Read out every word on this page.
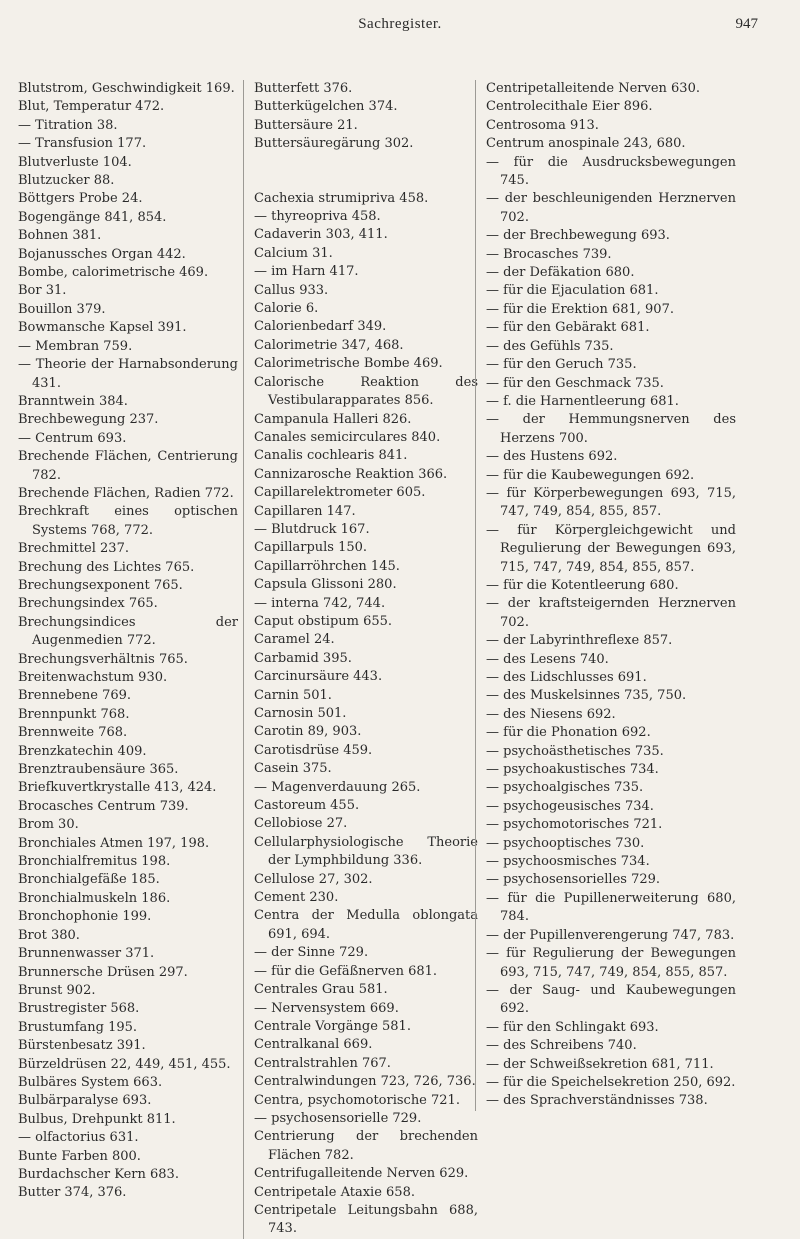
Sachregister.	947

Blutstrom, Geschwindigkeit 169.

Blut, Temperatur 472.

— Titration 38.

— Transfusion 177.

Blutverluste 104.

Blutzucker 88.

Böttgers Probe 24.

Bogengänge 841, 854.

Bohnen 381.

Bojanussches Organ 442.

Bombe, calorimetrische 469.

Bor 31.

Bouillon 379.

Bowmansche Kapsel 391.

— Membran 759.

— Theorie der Harnabsonderung 431.

Branntwein 384.

Brechbewegung 237.

— Centrum 693.

Brechende Flächen, Centrierung 782.

Brechende Flächen, Radien 772.

Brechkraft eines optischen Systems 768, 772.

Brechmittel 237.

Brechung des Lichtes 765.

Brechungsexponent 765.

Brechungsindex 765.

Brechungsindices der Augenmedien 772.

Brechungsverhältnis 765.

Breitenwachstum 930.

Brennebene 769.

Brennpunkt 768.

Brennweite 768.

Brenzkatechin 409.

Brenztraubensäure 365.

Briefkuvertkrystalle 413, 424.

Brocasches Centrum 739.

Brom 30.

Bronchiales Atmen 197, 198.

Bronchialfremitus 198.

Bronchialgefäße 185.

Bronchialmuskeln 186.

Bronchophonie 199.

Brot 380.

Brunnenwasser 371.

Brunnersche Drüsen 297.

Brunst 902.

Brustregister 568.

Brustumfang 195.

Bürstenbesatz 391.

Bürzeldrüsen 22, 449, 451, 455.

Bulbäres System 663.

Bulbärparalyse 693.

Bulbus, Drehpunkt 811.

— olfactorius 631.

Bunte Farben 800.

Burdachscher Kern 683.

Butter 374, 376.

Butterfett 376.

Butterkügelchen 374.

Buttersäure 21.

Buttersäuregärung 302.

Cachexia strumipriva 458.

— thyreopriva 458.

Cadaverin 303, 411.

Calcium 31.

— im Harn 417.

Callus 933.

Calorie 6.

Calorienbedarf 349.

Calorimetrie 347, 468.

Calorimetrische Bombe 469.

Calorische Reaktion des Vestibularapparates 856.

Campanula Halleri 826.

Canales semicirculares 840.

Canalis cochlearis 841.

Cannizarosche Reaktion 366.

Capillarelektrometer 605.

Capillaren 147.

— Blutdruck 167.

Capillarpuls 150.

Capillarröhrchen 145.

Capsula Glissoni 280.

— interna 742, 744.

Caput obstipum 655.

Caramel 24.

Carbamid 395.

Carcinursäure 443.

Carnin 501.

Carnosin 501.

Carotin 89, 903.

Carotisdrüse 459.

Casein 375.

— Magenverdauung 265.

Castoreum 455.

Cellobiose 27.

Cellularphysiologische Theorie der Lymphbildung 336.

Cellulose 27, 302.

Cement 230.

Centra der Medulla oblongata 691, 694.

— der Sinne 729.

— für die Gefäßnerven 681.

Centrales Grau 581.

— Nervensystem 669.

Centrale Vorgänge 581.

Centralkanal 669.

Centralstrahlen 767.

Centralwindungen 723, 726, 736.

Centra, psychomotorische 721.

— psychosensorielle 729.

Centrierung der brechenden Flächen 782.

Centrifugalleitende Nerven 629.

Centripetale Ataxie 658.

Centripetale Leitungsbahn 688, 743.

Centripetalleitende Nerven 630.

Centrolecithale Eier 896.

Centrosoma 913.

Centrum anospinale 243, 680.

— für die Ausdrucksbewegungen 745.

— der beschleunigenden Herznerven 702.

— der Brechbewegung 693.

— Brocasches 739.

— der Defäkation 680.

— für die Ejaculation 681.

— für die Erektion 681, 907.

— für den Gebärakt 681.

— des Gefühls 735.

— für den Geruch 735.

— für den Geschmack 735.

— f. die Harnentleerung 681.

— der Hemmungsnerven des Herzens 700.

— des Hustens 692.

— für die Kaubewegungen 692.

— für Körperbewegungen 693, 715, 747, 749, 854, 855, 857.

— für Körpergleichgewicht und Regulierung der Bewegungen 693, 715, 747, 749, 854, 855, 857.

— für die Kotentleerung 680.

— der kraftsteigernden Herznerven 702.

— der Labyrinthreflexe 857.

— des Lesens 740.

— des Lidschlusses 691.

— des Muskelsinnes 735, 750.

— des Niesens 692.

— für die Phonation 692.

— psychoästhetisches 735.

— psychoakustisches 734.

— psychoalgisches 735.

— psychogeusisches 734.

— psychomotorisches 721.

— psychooptisches 730.

— psychoosmisches 734.

— psychosensorielles 729.

— für die Pupillenerweiterung 680, 784.

— der Pupillenverengerung 747, 783.

— für Regulierung der Bewegungen 693, 715, 747, 749, 854, 855, 857.

— der Saug- und Kaubewegungen 692.

— für den Schlingakt 693.

— des Schreibens 740.

— der Schweißsekretion 681, 711.

— für die Speichelsekretion 250, 692.

— des Sprachverständnisses 738.
